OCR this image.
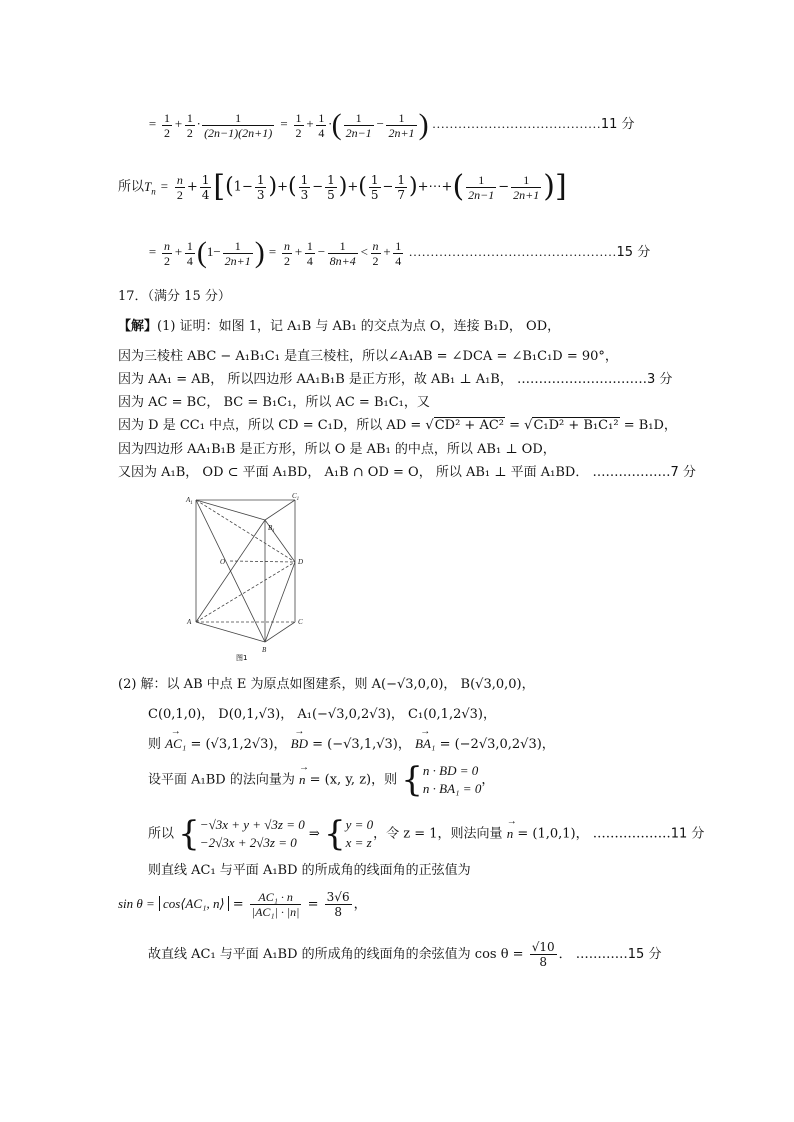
= $\frac{1}{2} + \frac{1}{2} \cdot \frac{1}{(2n-1)(2n+1)} = \frac{1}{2} + \frac{1}{4}$ ·( $\frac{1}{2n-1} - \frac{1}{2n+1}$ ) …………………………………11 分
所以$T_n = \frac{n}{2} + \frac{1}{4} [(1- \frac{1}{3}$ )+( $\frac{1}{3} - \frac{1}{5}$ )+( $\frac{1}{5} - \frac{1}{7}$ )+⋯+( $\frac{1}{2n-1} - \frac{1}{2n+1}$ )]
= $\frac{n}{2} + \frac{1}{4} (1- \frac{1}{2n+1}$ ) = $\frac{n}{2} + \frac{1}{4} - \frac{1}{8n+4} < \frac{n}{2} + \frac{1}{4}$ …………………………………………15 分
17．（满分 15 分）
【解】(1) 证明：如图 1，记 A₁B 与 AB₁ 的交点为点 O，连接 B₁D， OD，
因为三棱柱 ABC − A₁B₁C₁ 是直三棱柱，所以∠A₁AB = ∠DCA = ∠B₁C₁D = 90°，
因为 AA₁ = AB， 所以四边形 AA₁B₁B 是正方形，故 AB₁ ⊥ A₁B， …………………………3 分
因为 AC = BC， BC = B₁C₁，所以 AC = B₁C₁，又
因为 D 是 CC₁ 中点，所以 CD = C₁D，所以 AD = √CD² + AC² = √C₁D² + B₁C₁² = B₁D，
因为四边形 AA₁B₁B 是正方形，所以 O 是 AB₁ 的中点，所以 AB₁ ⊥ OD，
又因为 A₁B， OD ⊂ 平面 A₁BD， A₁B ∩ OD = O， 所以 AB₁ ⊥ 平面 A₁BD． ………………7 分
$A_1$
$C_1$
$B_1$
O	D
A	C
B
图1
(2) 解：以 AB 中点 E 为原点如图建系，则 A(−√3,0,0)， B(√3,0,0)，
C(0,1,0)， D(0,1,√3)， A₁(−√3,0,2√3)， C₁(0,1,2√3)，
则 → AC₁ = (√3,1,2√3)， → BD = (−√3,1,√3)， → BA₁ = (−2√3,0,2√3)，
设平面 A₁BD 的法向量为 → n = (x, y, z)，则 { n · BD = 0
n · BA₁ = 0
，
所以 { −√3x + y + √3z = 0
−2√3x + 2√3z = 0
⇒ { y = 0
x = z
，令 z = 1，则法向量 → n = (1,0,1)， ………………11 分
则直线 AC₁ 与平面 A₁BD 的所成角的线面角的正弦值为
sin θ = cos⟨AC₁, n⟩ = $\frac{\text{AC₁ · n}}{\text{|AC₁| · |n|}} = \frac{3√6}{8}$ ，
故直线 AC₁ 与平面 A₁BD 的所成角的线面角的余弦值为 $\cos \theta = \frac{√10}{8}$ ． …………15 分
